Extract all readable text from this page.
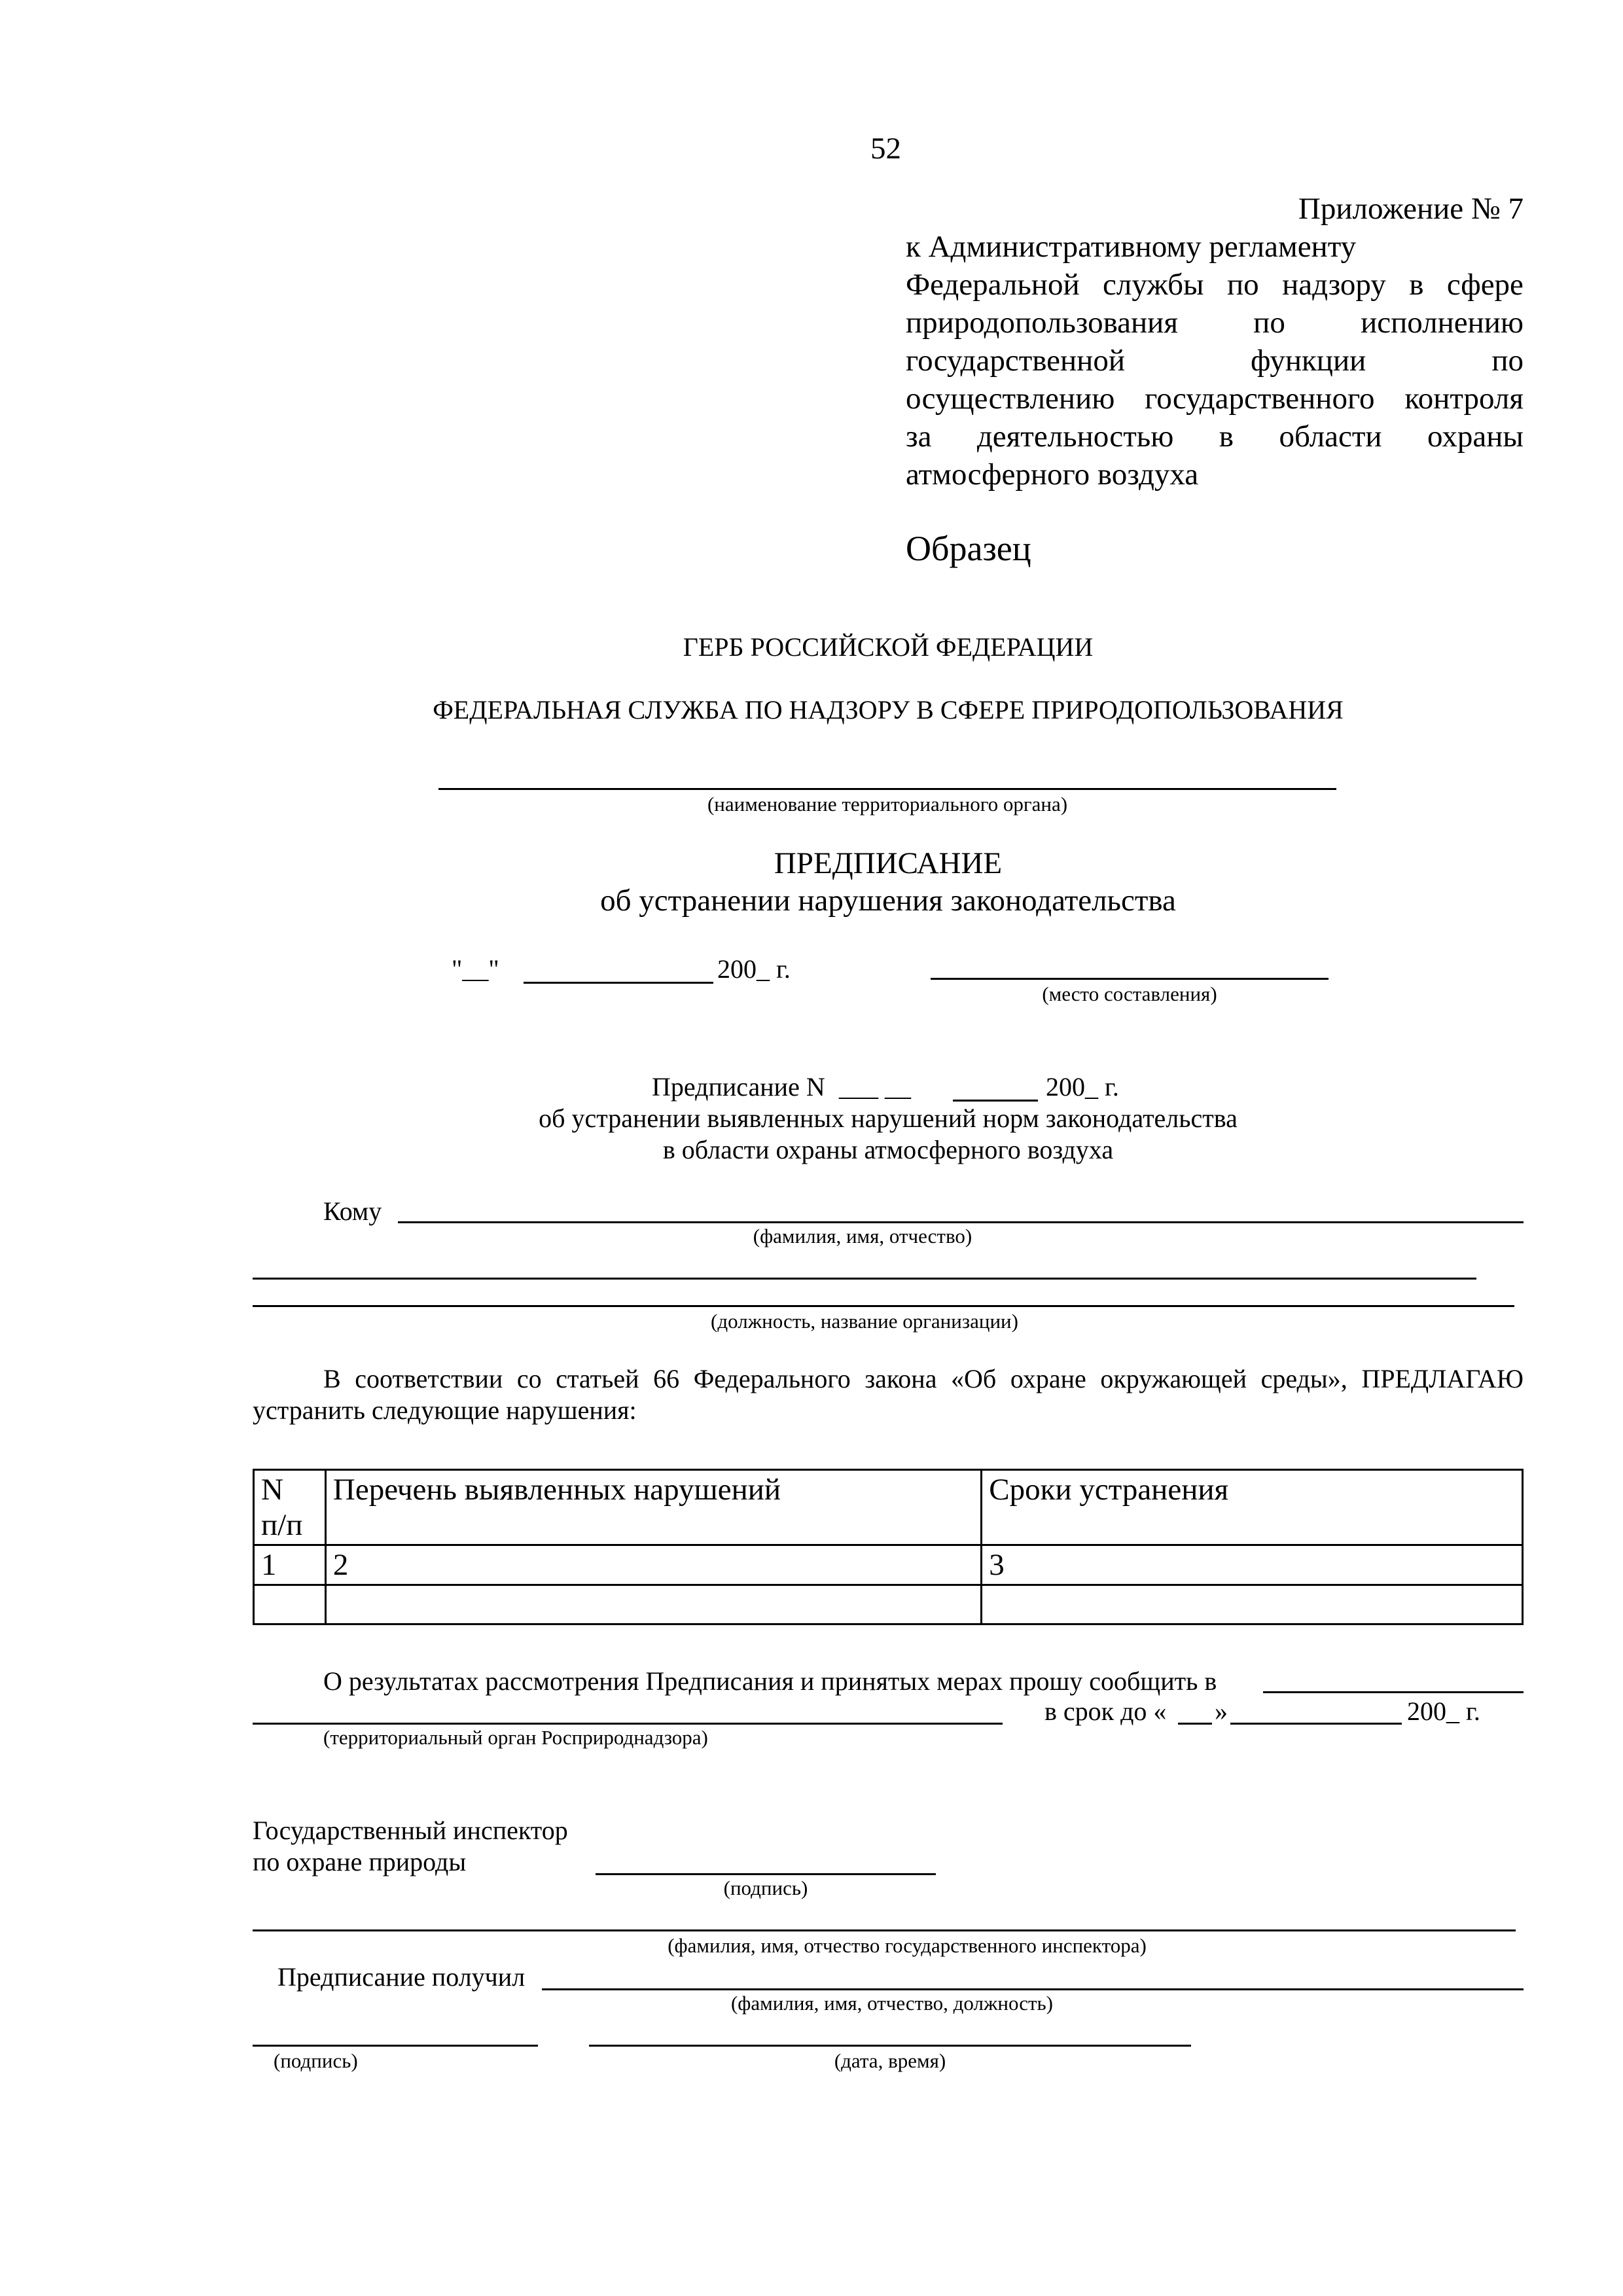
52
Приложение № 7
к Административному регламенту
Федеральной службы по надзору в сфере
природопользования по исполнению
государственной	функции	по
осуществлению государственного контроля
за деятельностью в области охраны
атмосферного воздуха
Образец
ГЕРБ РОССИЙСКОЙ ФЕДЕРАЦИИ
ФЕДЕРАЛЬНАЯ СЛУЖБА ПО НАДЗОРУ В СФЕРЕ ПРИРОДОПОЛЬЗОВАНИЯ
(наименование территориального органа)
ПРЕДПИСАНИЕ
об устранении нарушения законодательства
"__"	200_ г.
(место составления)
Предписание N ___ __	200_ г.
об устранении выявленных нарушений норм законодательства
в области охраны атмосферного воздуха
Кому
(фамилия, имя, отчество)
(должность, название организации)
В соответствии со статьей 66 Федерального закона «Об охране окружающей среды», ПРЕДЛАГАЮ
устранить следующие нарушения:
N п/п	Перечень выявленных нарушений	Сроки устранения
1	2	3

О результатах рассмотрения Предписания и принятых мерах прошу сообщить в
в срок до « »	200_ г.
(территориальный орган Росприроднадзора)
Государственный инспектор
по охране природы
(подпись)
(фамилия, имя, отчество государственного инспектора)
Предписание получил
(фамилия, имя, отчество, должность)
(подпись)	(дата, время)
